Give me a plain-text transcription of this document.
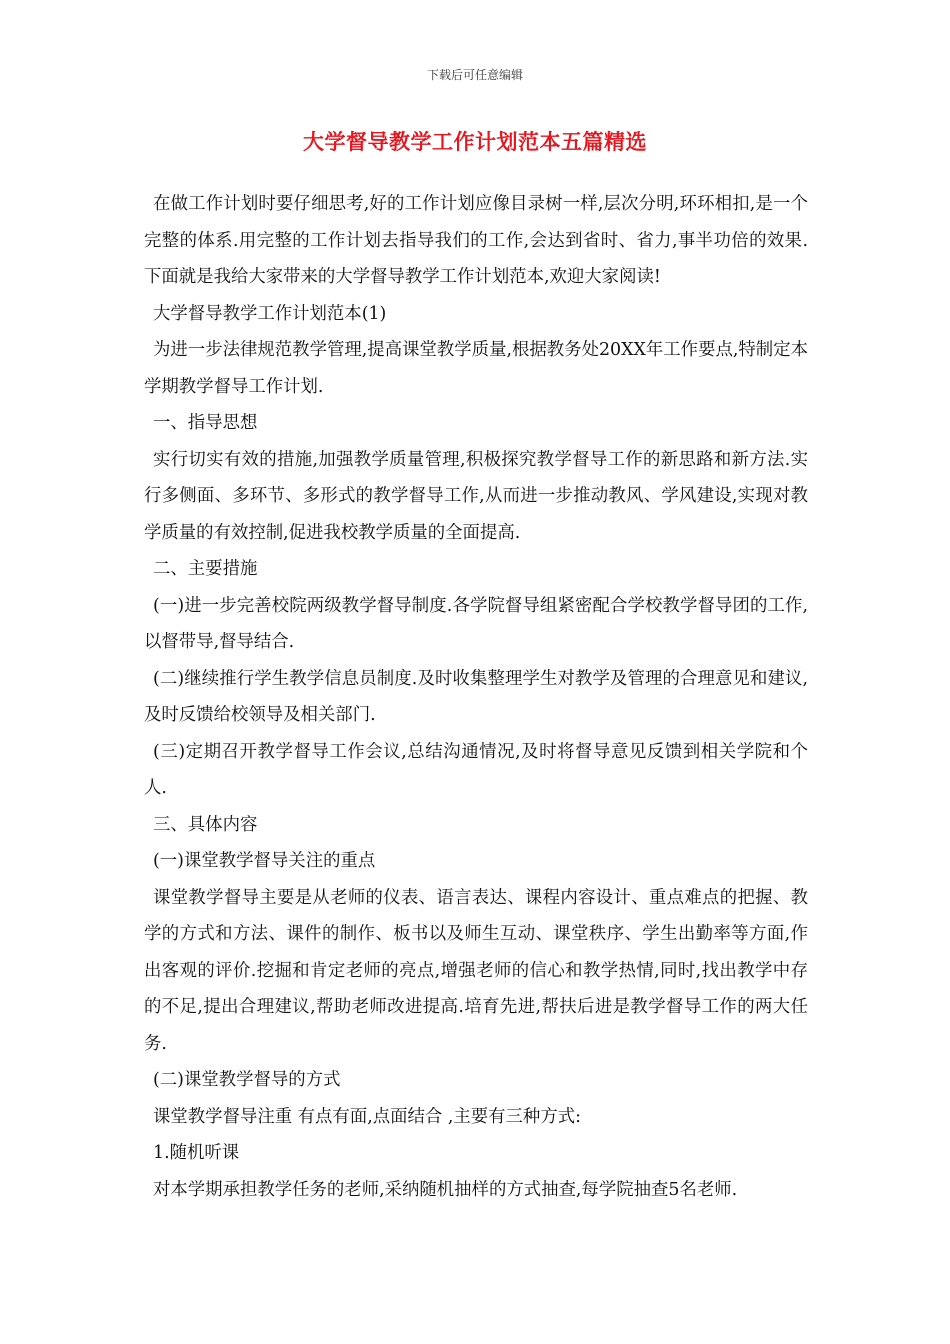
下载后可任意编辑
大学督导教学工作计划范本五篇精选

在做工作计划时要仔细思考,好的工作计划应像目录树一样,层次分明,环环相扣,是一个完整的体系.用完整的工作计划去指导我们的工作,会达到省时、省力,事半功倍的效果.下面就是我给大家带来的大学督导教学工作计划范本,欢迎大家阅读!

大学督导教学工作计划范本(1)

为进一步法律规范教学管理,提高课堂教学质量,根据教务处20XX年工作要点,特制定本学期教学督导工作计划.

一、指导思想

实行切实有效的措施,加强教学质量管理,积极探究教学督导工作的新思路和新方法.实行多侧面、多环节、多形式的教学督导工作,从而进一步推动教风、学风建设,实现对教学质量的有效控制,促进我校教学质量的全面提高.

二、主要措施

(一)进一步完善校院两级教学督导制度.各学院督导组紧密配合学校教学督导团的工作,以督带导,督导结合.

(二)继续推行学生教学信息员制度.及时收集整理学生对教学及管理的合理意见和建议,及时反馈给校领导及相关部门.

(三)定期召开教学督导工作会议,总结沟通情况,及时将督导意见反馈到相关学院和个人.

三、具体内容

(一)课堂教学督导关注的重点

课堂教学督导主要是从老师的仪表、语言表达、课程内容设计、重点难点的把握、教学的方式和方法、课件的制作、板书以及师生互动、课堂秩序、学生出勤率等方面,作出客观的评价.挖掘和肯定老师的亮点,增强老师的信心和教学热情,同时,找出教学中存的不足,提出合理建议,帮助老师改进提高.培育先进,帮扶后进是教学督导工作的两大任务.

(二)课堂教学督导的方式

课堂教学督导注重 有点有面,点面结合 ,主要有三种方式:

1.随机听课

对本学期承担教学任务的老师,采纳随机抽样的方式抽查,每学院抽查5名老师.
